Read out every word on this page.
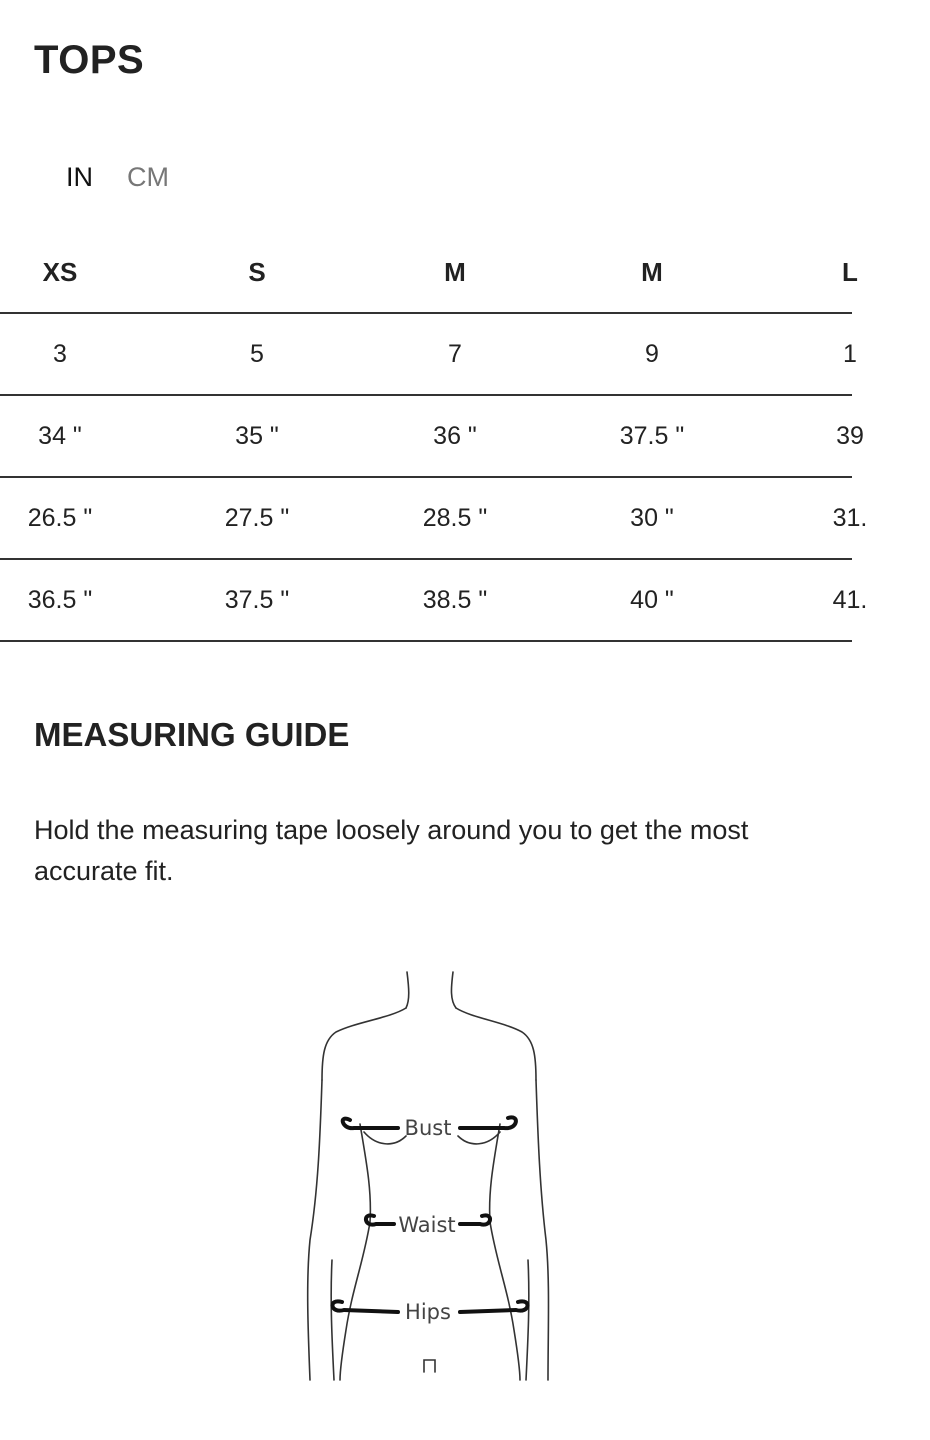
TOPS
IN CM
XS	S	M	M	L
3	5	7	9	1
34 "	35 "	36 "	37.5 "	39
26.5 "	27.5 "	28.5 "	30 "	31.
36.5 "	37.5 "	38.5 "	40 "	41.
MEASURING GUIDE

Hold the measuring tape loosely around you to get the most accurate fit.

Bust
Waist
Hips
